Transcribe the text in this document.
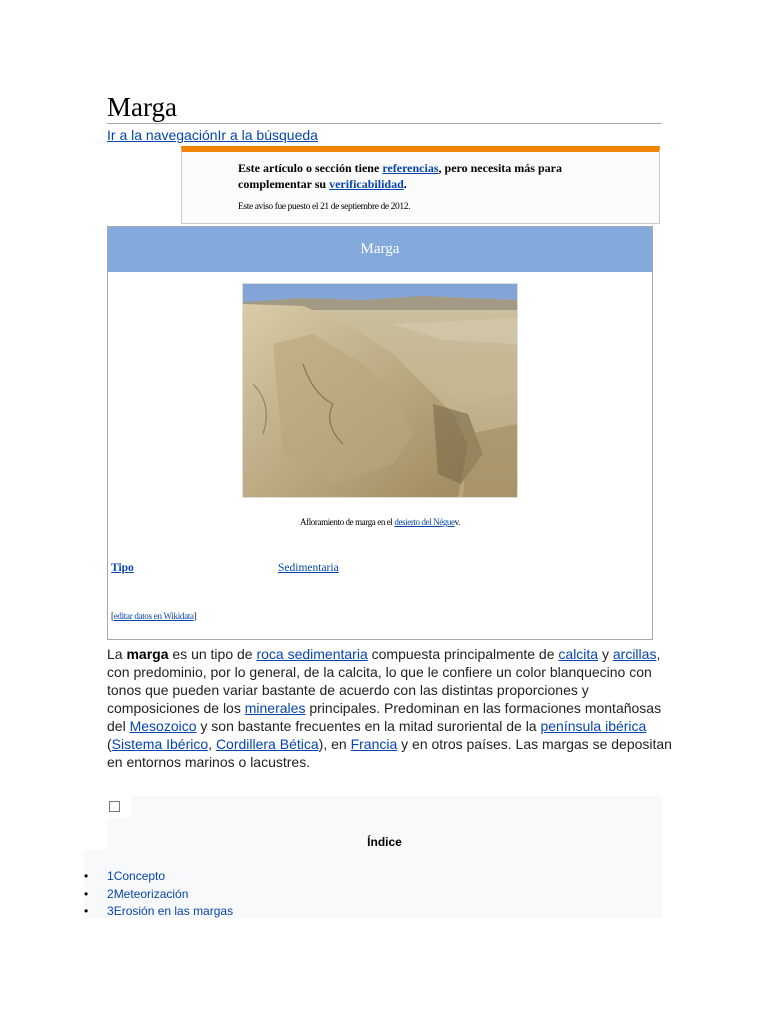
Marga
Ir a la navegaciónIr a la búsqueda
Este artículo o sección tiene referencias, pero necesita más para complementar su verificabilidad.
Este aviso fue puesto el 21 de septiembre de 2012.
Marga
Afloramiento de marga en el desierto del Néguev.
Tipo	Sedimentaria
[editar datos en Wikidata]
La marga es un tipo de roca sedimentaria compuesta principalmente de calcita y arcillas, con predominio, por lo general, de la calcita, lo que le confiere un color blanquecino con tonos que pueden variar bastante de acuerdo con las distintas proporciones y composiciones de los minerales principales. Predominan en las formaciones montañosas del Mesozoico y son bastante frecuentes en la mitad suroriental de la península ibérica (Sistema Ibérico, Cordillera Bética), en Francia y en otros países. Las margas se depositan en entornos marinos o lacustres.
Índice
• 1Concepto
• 2Meteorización
• 3Erosión en las margas
